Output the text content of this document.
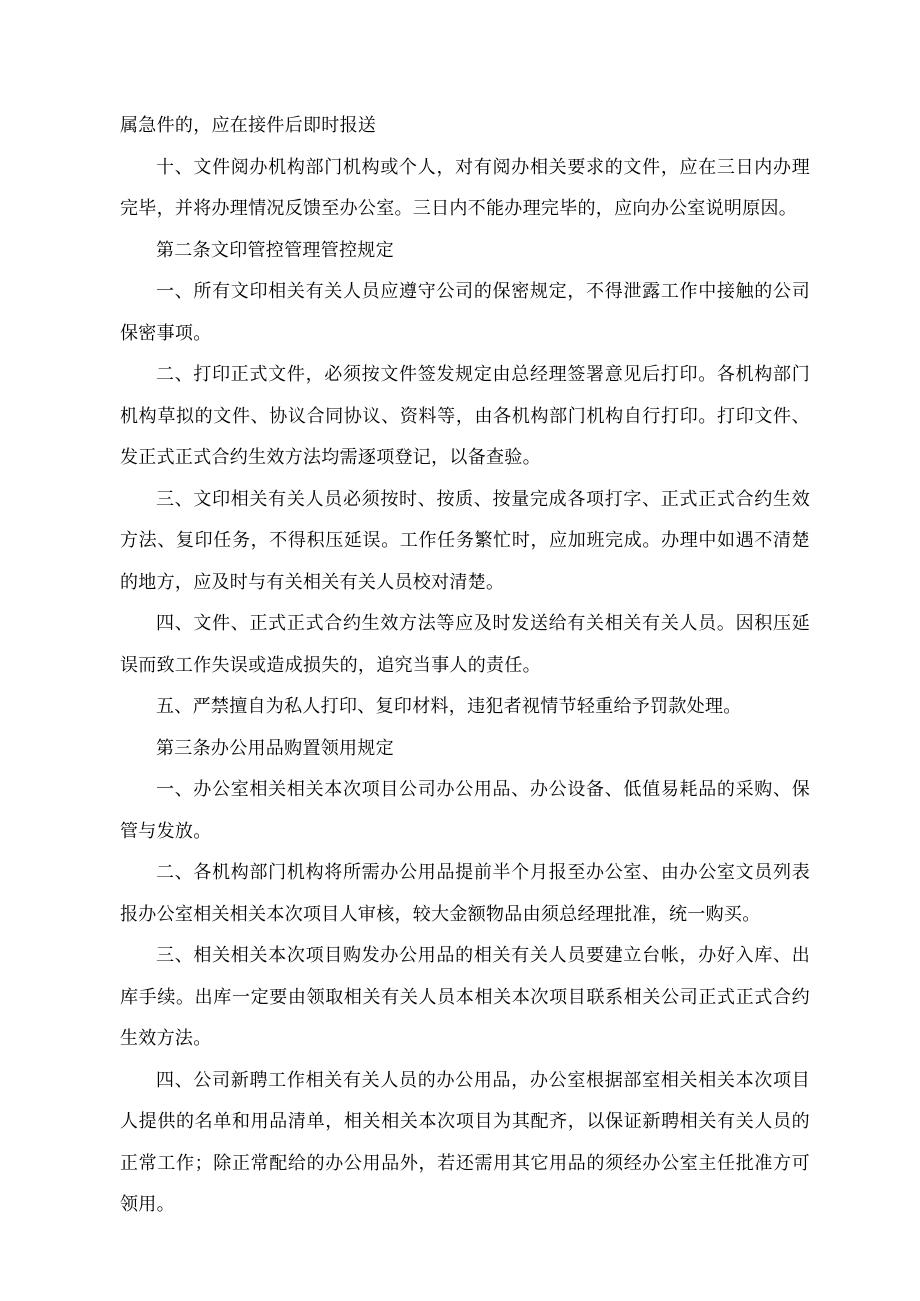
属急件的，应在接件后即时报送

十、文件阅办机构部门机构或个人，对有阅办相关要求的文件，应在三日内办理完毕，并将办理情况反馈至办公室。三日内不能办理完毕的，应向办公室说明原因。

第二条文印管控管理管控规定

一、所有文印相关有关人员应遵守公司的保密规定，不得泄露工作中接触的公司保密事项。

二、打印正式文件，必须按文件签发规定由总经理签署意见后打印。各机构部门机构草拟的文件、协议合同协议、资料等，由各机构部门机构自行打印。打印文件、发正式正式合约生效方法均需逐项登记，以备查验。

三、文印相关有关人员必须按时、按质、按量完成各项打字、正式正式合约生效方法、复印任务，不得积压延误。工作任务繁忙时，应加班完成。办理中如遇不清楚的地方，应及时与有关相关有关人员校对清楚。

四、文件、正式正式合约生效方法等应及时发送给有关相关有关人员。因积压延误而致工作失误或造成损失的，追究当事人的责任。

五、严禁擅自为私人打印、复印材料，违犯者视情节轻重给予罚款处理。

第三条办公用品购置领用规定

一、办公室相关相关本次项目公司办公用品、办公设备、低值易耗品的采购、保管与发放。

二、各机构部门机构将所需办公用品提前半个月报至办公室、由办公室文员列表报办公室相关相关本次项目人审核，较大金额物品由须总经理批准，统一购买。

三、相关相关本次项目购发办公用品的相关有关人员要建立台帐，办好入库、出库手续。出库一定要由领取相关有关人员本相关本次项目联系相关公司正式正式合约生效方法。

四、公司新聘工作相关有关人员的办公用品，办公室根据部室相关相关本次项目人提供的名单和用品清单，相关相关本次项目为其配齐，以保证新聘相关有关人员的正常工作；除正常配给的办公用品外，若还需用其它用品的须经办公室主任批准方可领用。
